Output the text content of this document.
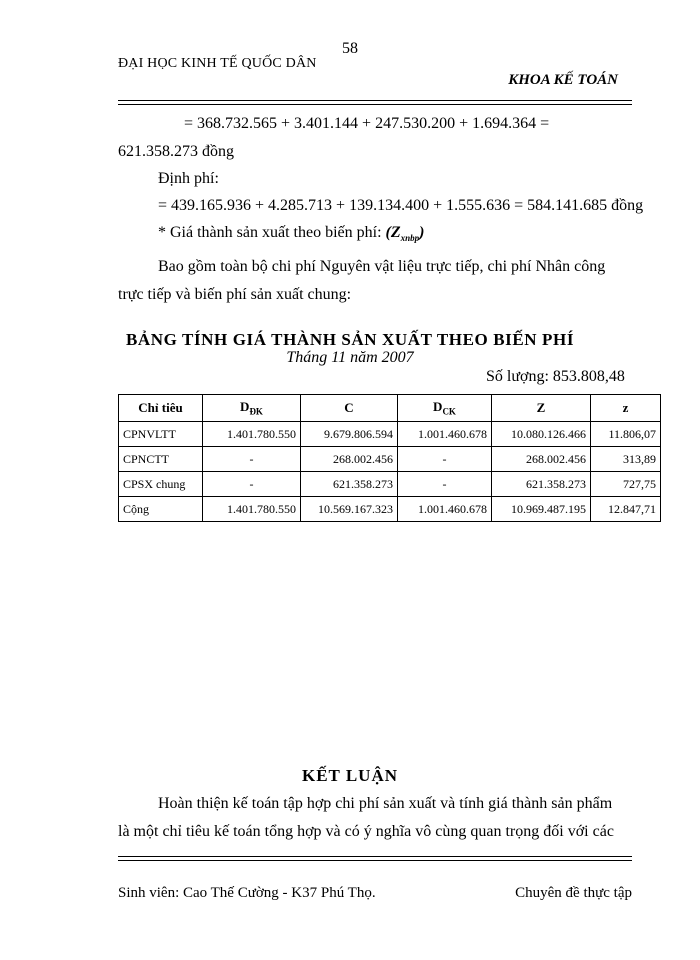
58
ĐẠI HỌC KINH TẾ QUỐC DÂN
KHOA KẾ TOÁN
= 368.732.565 + 3.401.144 + 247.530.200 + 1.694.364 =
621.358.273 đồng
Định phí:
= 439.165.936 + 4.285.713 + 139.134.400 + 1.555.636 = 584.141.685 đồng
* Giá thành sản xuất theo biến phí: $(Z_{xnbp})$
Bao gồm toàn bộ chi phí Nguyên vật liệu trực tiếp, chi phí Nhân công
trực tiếp và biến phí sản xuất chung:
BẢNG TÍNH GIÁ THÀNH SẢN XUẤT THEO BIẾN PHÍ
Tháng 11 năm 2007
Số lượng: 853.808,48
Chỉ tiêu	$D_{ĐK}$	C	$D_{CK}$	Z	z
CPNVLTT	1.401.780.550	9.679.806.594	1.001.460.678	10.080.126.466	11.806,07
CPNCTT	-	268.002.456	-	268.002.456	313,89
CPSX chung	-	621.358.273	-	621.358.273	727,75
Cộng	1.401.780.550	10.569.167.323	1.001.460.678	10.969.487.195	12.847,71
KẾT LUẬN
Hoàn thiện kế toán tập hợp chi phí sản xuất và tính giá thành sản phẩm
là một chỉ tiêu kế toán tổng hợp và có ý nghĩa vô cùng quan trọng đối với các
Sinh viên: Cao Thế Cường - K37 Phú Thọ.	Chuyên đề thực tập
